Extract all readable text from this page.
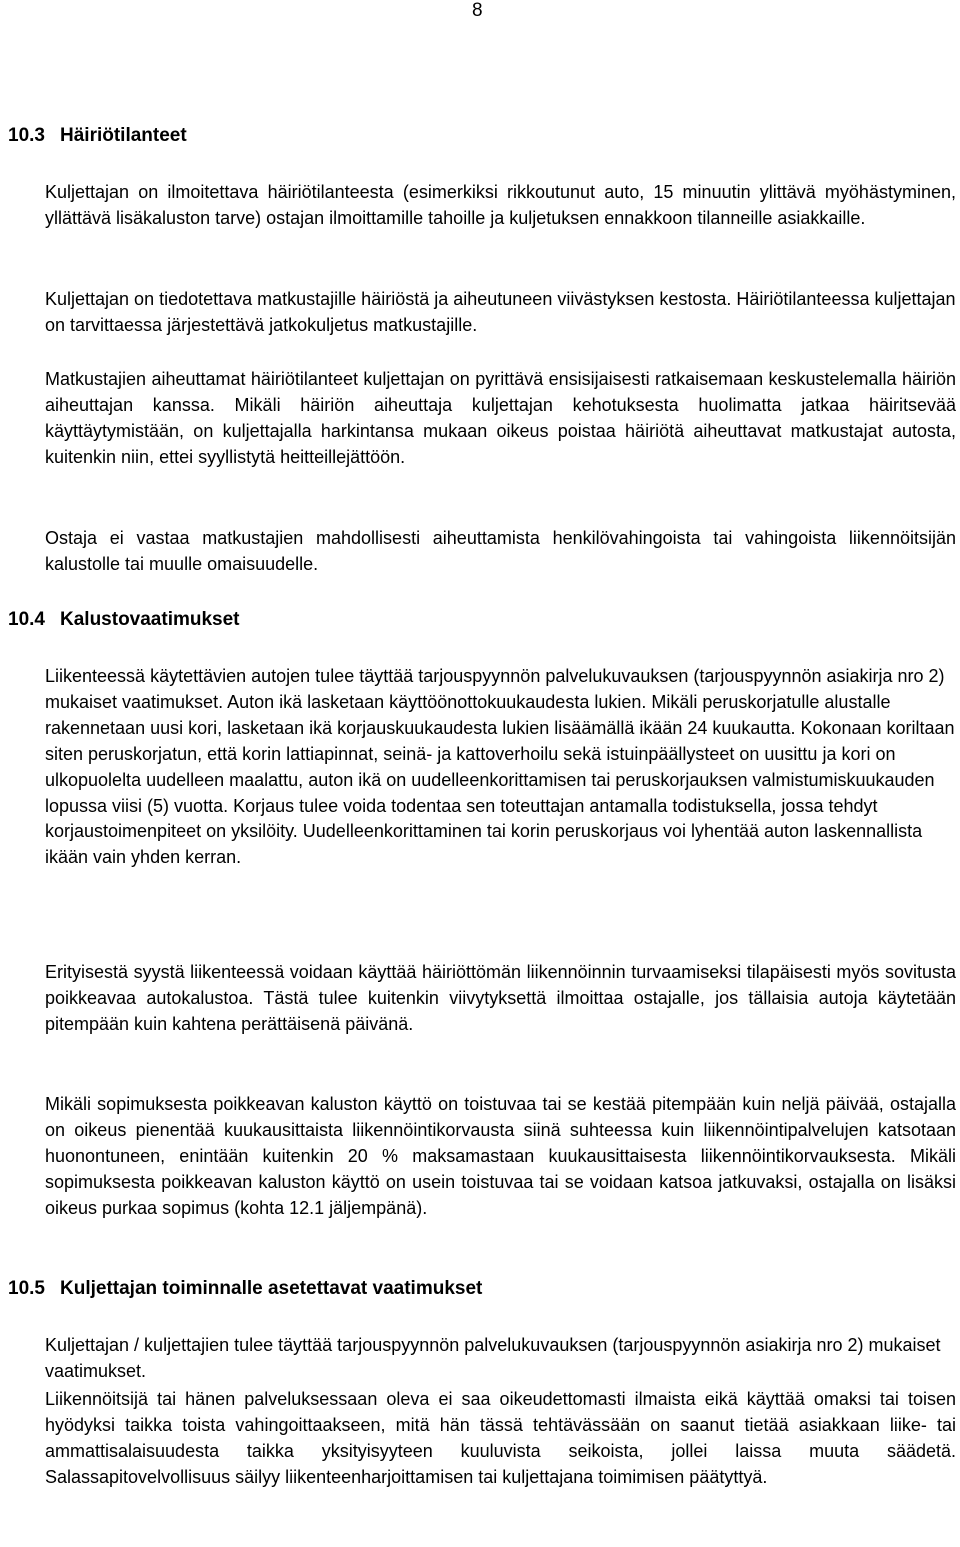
8
10.3 Häiriötilanteet

Kuljettajan on ilmoitettava häiriötilanteesta (esimerkiksi rikkoutunut auto, 15 minuutin ylittävä myöhästyminen, yllättävä lisäkaluston tarve) ostajan ilmoittamille tahoille ja kuljetuksen ennakkoon tilanneille asiakkaille.

Kuljettajan on tiedotettava matkustajille häiriöstä ja aiheutuneen viivästyksen kestosta. Häiriötilanteessa kuljettajan on tarvittaessa järjestettävä jatkokuljetus matkustajille.

Matkustajien aiheuttamat häiriötilanteet kuljettajan on pyrittävä ensisijaisesti ratkaisemaan keskustelemalla häiriön aiheuttajan kanssa. Mikäli häiriön aiheuttaja kuljettajan kehotuksesta huolimatta jatkaa häiritsevää käyttäytymistään, on kuljettajalla harkintansa mukaan oikeus poistaa häiriötä aiheuttavat matkustajat autosta, kuitenkin niin, ettei syyllistytä heitteillejättöön.

Ostaja ei vastaa matkustajien mahdollisesti aiheuttamista henkilövahingoista tai vahingoista liikennöitsijän kalustolle tai muulle omaisuudelle.

10.4 Kalustovaatimukset

Liikenteessä käytettävien autojen tulee täyttää tarjouspyynnön palvelukuvauksen (tarjouspyynnön asiakirja nro 2) mukaiset vaatimukset. Auton ikä lasketaan käyttöönottokuukaudesta lukien. Mikäli peruskorjatulle alustalle rakennetaan uusi kori, lasketaan ikä korjauskuukaudesta lukien lisäämällä ikään 24 kuukautta. Kokonaan koriltaan siten peruskorjatun, että korin lattiapinnat, seinä- ja kattoverhoilu sekä istuinpäällysteet on uusittu ja kori on ulkopuolelta uudelleen maalattu, auton ikä on uudelleenkorittamisen tai peruskorjauksen valmistumiskuukauden lopussa viisi (5) vuotta. Korjaus tulee voida todentaa sen toteuttajan antamalla todistuksella, jossa tehdyt korjaustoimenpiteet on yksilöity. Uudelleenkorittaminen tai korin peruskorjaus voi lyhentää auton laskennallista ikään vain yhden kerran.

Erityisestä syystä liikenteessä voidaan käyttää häiriöttömän liikennöinnin turvaamiseksi tilapäisesti myös sovitusta poikkeavaa autokalustoa. Tästä tulee kuitenkin viivytyksettä ilmoittaa ostajalle, jos tällaisia autoja käytetään pitempään kuin kahtena perättäisenä päivänä.

Mikäli sopimuksesta poikkeavan kaluston käyttö on toistuvaa tai se kestää pitempään kuin neljä päivää, ostajalla on oikeus pienentää kuukausittaista liikennöintikorvausta siinä suhteessa kuin liikennöintipalvelujen katsotaan huonontuneen, enintään kuitenkin 20 % maksamastaan kuukausittaisesta liikennöintikorvauksesta. Mikäli sopimuksesta poikkeavan kaluston käyttö on usein toistuvaa tai se voidaan katsoa jatkuvaksi, ostajalla on lisäksi oikeus purkaa sopimus (kohta 12.1 jäljempänä).

10.5 Kuljettajan toiminnalle asetettavat vaatimukset

Kuljettajan / kuljettajien tulee täyttää tarjouspyynnön palvelukuvauksen (tarjouspyynnön asiakirja nro 2) mukaiset vaatimukset.

Liikennöitsijä tai hänen palveluksessaan oleva ei saa oikeudettomasti ilmaista eikä käyttää omaksi tai toisen hyödyksi taikka toista vahingoittaakseen, mitä hän tässä tehtävässään on saanut tietää asiakkaan liike- tai ammattisalaisuudesta taikka yksityisyyteen kuuluvista seikoista, jollei laissa muuta säädetä. Salassapitovelvollisuus säilyy liikenteenharjoittamisen tai kuljettajana toimimisen päätyttyä.
